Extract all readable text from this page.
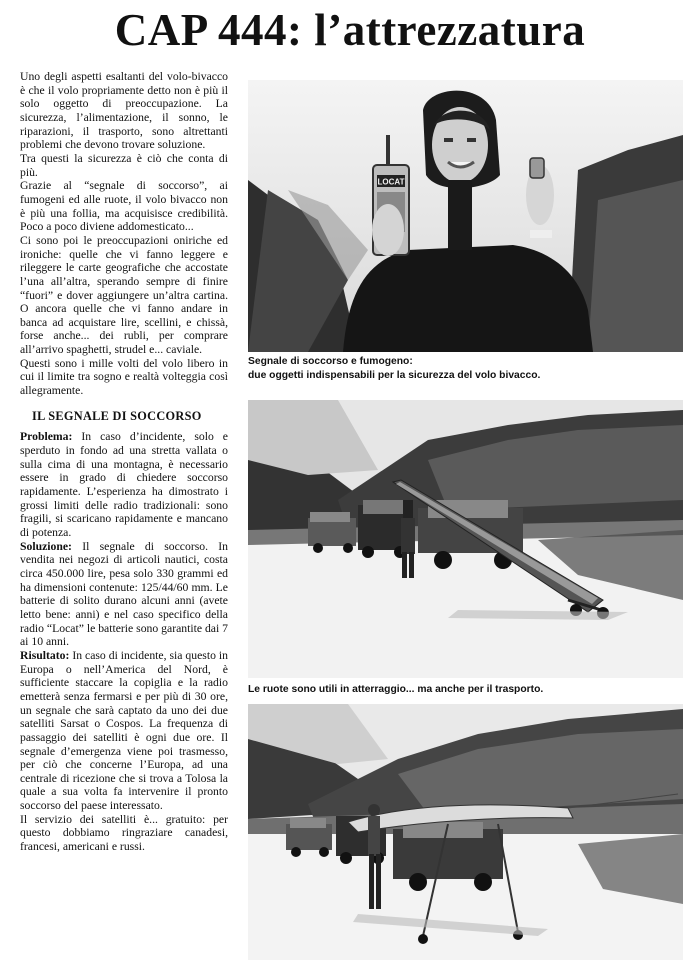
CAP 444: l’attrezzatura

Uno degli aspetti esaltanti del volo-bivacco è che il volo propriamente detto non è più il solo oggetto di preoccupazione. La sicurezza, l’alimentazione, il sonno, le riparazioni, il trasporto, sono altrettanti problemi che devono trovare soluzione.

Tra questi la sicurezza è ciò che conta di più.

Grazie al “segnale di soccorso”, ai fumogeni ed alle ruote, il volo bivacco non è più una follia, ma acquisisce credibilità. Poco a poco diviene addomesticato...

Ci sono poi le preoccupazioni oniriche ed ironiche: quelle che vi fanno leggere e rileggere le carte geografiche che accostate l’una all’altra, sperando sempre di finire “fuori” e dover aggiungere un’altra cartina. O ancora quelle che vi fanno andare in banca ad acquistare lire, scellini, e chissà, forse anche... dei rubli, per comprare all’arrivo spaghetti, strudel e... caviale.

Questi sono i mille volti del volo libero in cui il limite tra sogno e realtà volteggia così allegramente.

IL SEGNALE DI SOCCORSO

Problema: In caso d’incidente, solo e sperduto in fondo ad una stretta vallata o sulla cima di una montagna, è necessario essere in grado di chiedere soccorso rapidamente. L’esperienza ha dimostrato i grossi limiti delle radio tradizionali: sono fragili, si scaricano rapidamente e mancano di potenza.

Soluzione: Il segnale di soccorso. In vendita nei negozi di articoli nautici, costa circa 450.000 lire, pesa solo 330 grammi ed ha dimensioni contenute: 125/44/60 mm. Le batterie di solito durano alcuni anni (avete letto bene: anni) e nel caso specifico della radio “Locat” le batterie sono garantite dai 7 ai 10 anni.

Risultato: In caso di incidente, sia questo in Europa o nell’America del Nord, è sufficiente staccare la copiglia e la radio emetterà senza fermarsi e per più di 30 ore, un segnale che sarà captato da uno dei due satelliti Sarsat o Cospos. La frequenza di passaggio dei satelliti è ogni due ore. Il segnale d’emergenza viene poi trasmesso, per ciò che concerne l’Europa, ad una centrale di ricezione che si trova a Tolosa la quale a sua volta fa intervenire il pronto soccorso del paese interessato.

Il servizio dei satelliti è... gratuito: per questo dobbiamo ringraziare canadesi, francesi, americani e russi.

LOCAT
Segnale di soccorso e fumogeno:
due oggetti indispensabili per la sicurezza del volo bivacco.
Le ruote sono utili in atterraggio... ma anche per il trasporto.
